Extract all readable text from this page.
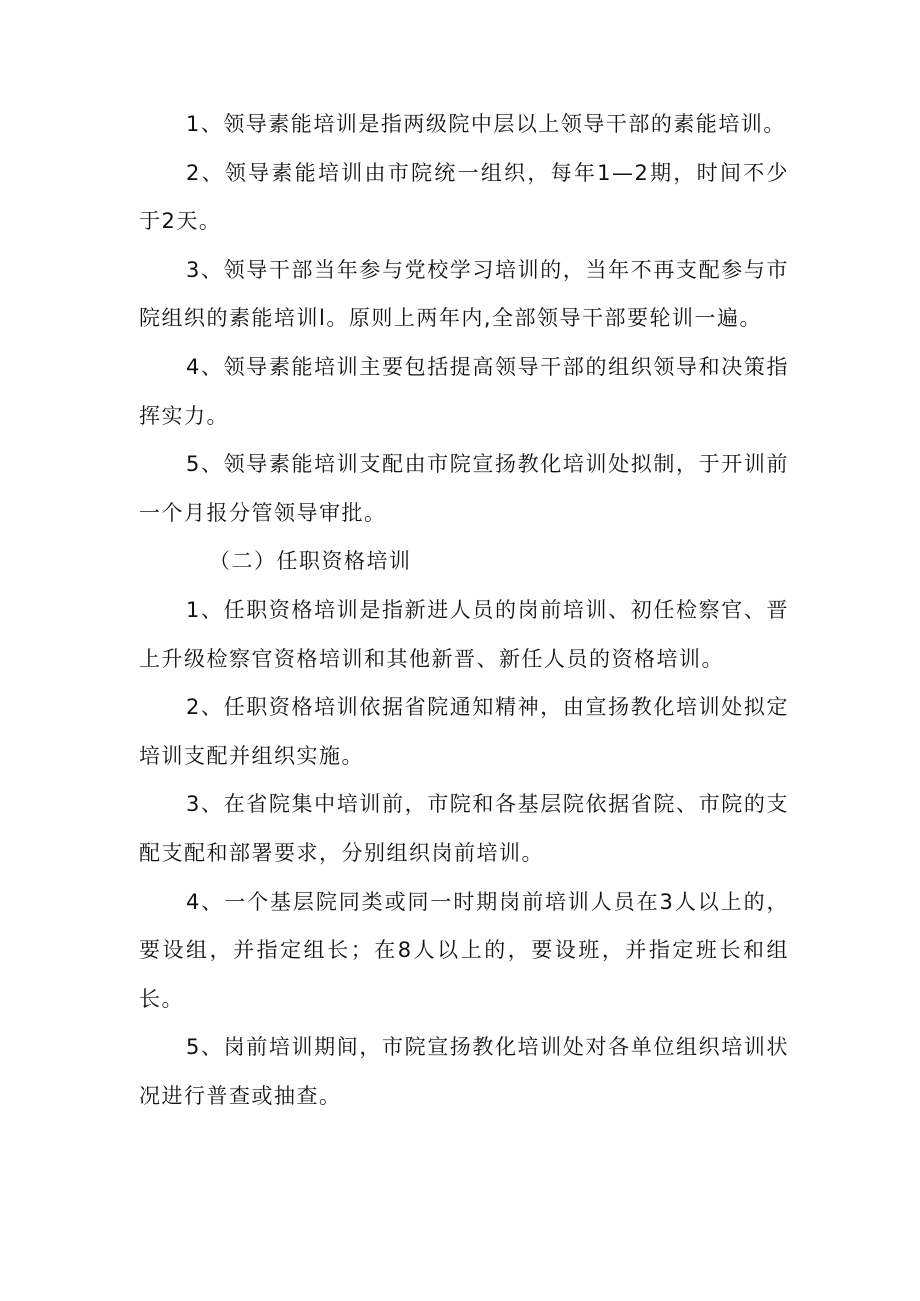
1、领导素能培训是指两级院中层以上领导干部的素能培训。

2、领导素能培训由市院统一组织，每年1—2期，时间不少于2天。

3、领导干部当年参与党校学习培训的，当年不再支配参与市院组织的素能培训l。原则上两年内,全部领导干部要轮训一遍。

4、领导素能培训主要包括提高领导干部的组织领导和决策指挥实力。

5、领导素能培训支配由市院宣扬教化培训处拟制，于开训前一个月报分管领导审批。

（二）任职资格培训

1、任职资格培训是指新进人员的岗前培训、初任检察官、晋上升级检察官资格培训和其他新晋、新任人员的资格培训。

2、任职资格培训依据省院通知精神，由宣扬教化培训处拟定培训支配并组织实施。

3、在省院集中培训前，市院和各基层院依据省院、市院的支配支配和部署要求，分别组织岗前培训。

4、一个基层院同类或同一时期岗前培训人员在3人以上的，要设组，并指定组长；在8人以上的，要设班，并指定班长和组长。

5、岗前培训期间，市院宣扬教化培训处对各单位组织培训状况进行普查或抽查。
